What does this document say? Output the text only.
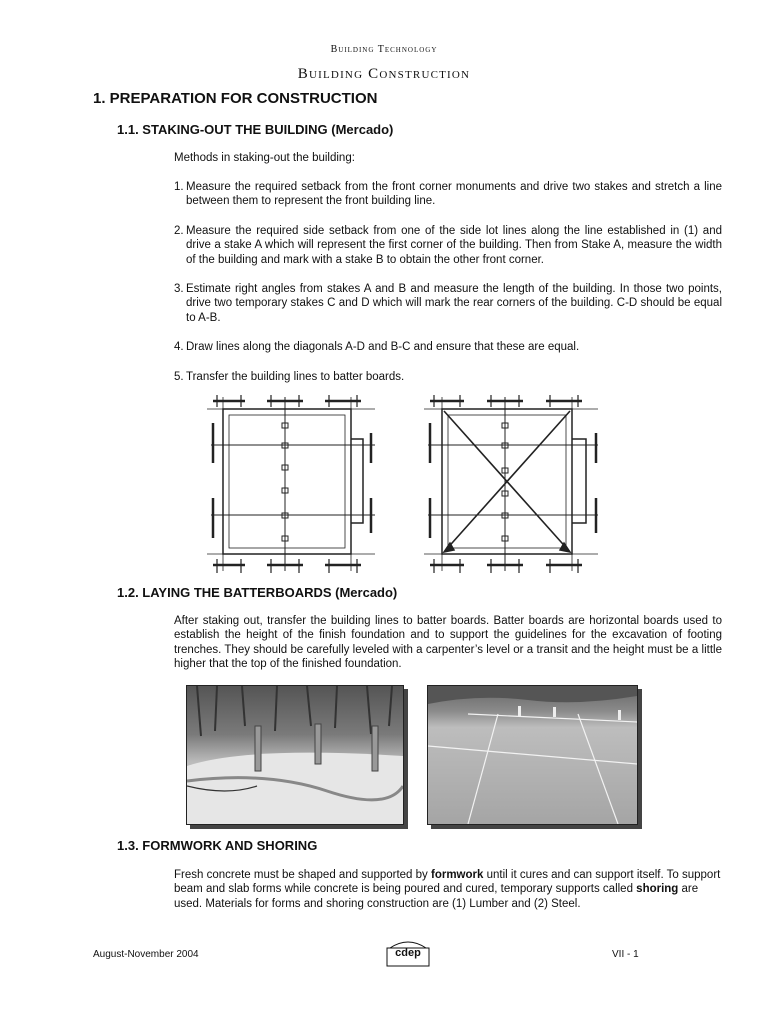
Building Technology
Building Construction
1. PREPARATION FOR CONSTRUCTION
1.1. STAKING-OUT THE BUILDING (Mercado)
Methods in staking-out the building:
1. Measure the required setback from the front corner monuments and drive two stakes and stretch a line between them to represent the front building line.
2. Measure the required side setback from one of the side lot lines along the line established in (1) and drive a stake A which will represent the first corner of the building. Then from Stake A, measure the width of the building and mark with a stake B to obtain the other front corner.
3. Estimate right angles from stakes A and B and measure the length of the building. In those two points, drive two temporary stakes C and D which will mark the rear corners of the building. C-D should be equal to A-B.
4. Draw lines along the diagonals A-D and B-C and ensure that these are equal.
5. Transfer the building lines to batter boards.
1.2. LAYING THE BATTERBOARDS (Mercado)

After staking out, transfer the building lines to batter boards. Batter boards are horizontal boards used to establish the height of the finish foundation and to support the guidelines for the excavation of footing trenches. They should be carefully leveled with a carpenter’s level or a transit and the height must be a little higher that the top of the finished foundation.

1.3. FORMWORK AND SHORING

Fresh concrete must be shaped and supported by formwork until it cures and can support itself. To support beam and slab forms while concrete is being poured and cured, temporary supports called shoring are used. Materials for forms and shoring construction are (1) Lumber and (2) Steel.

August-November 2004	cdep	VII - 1
